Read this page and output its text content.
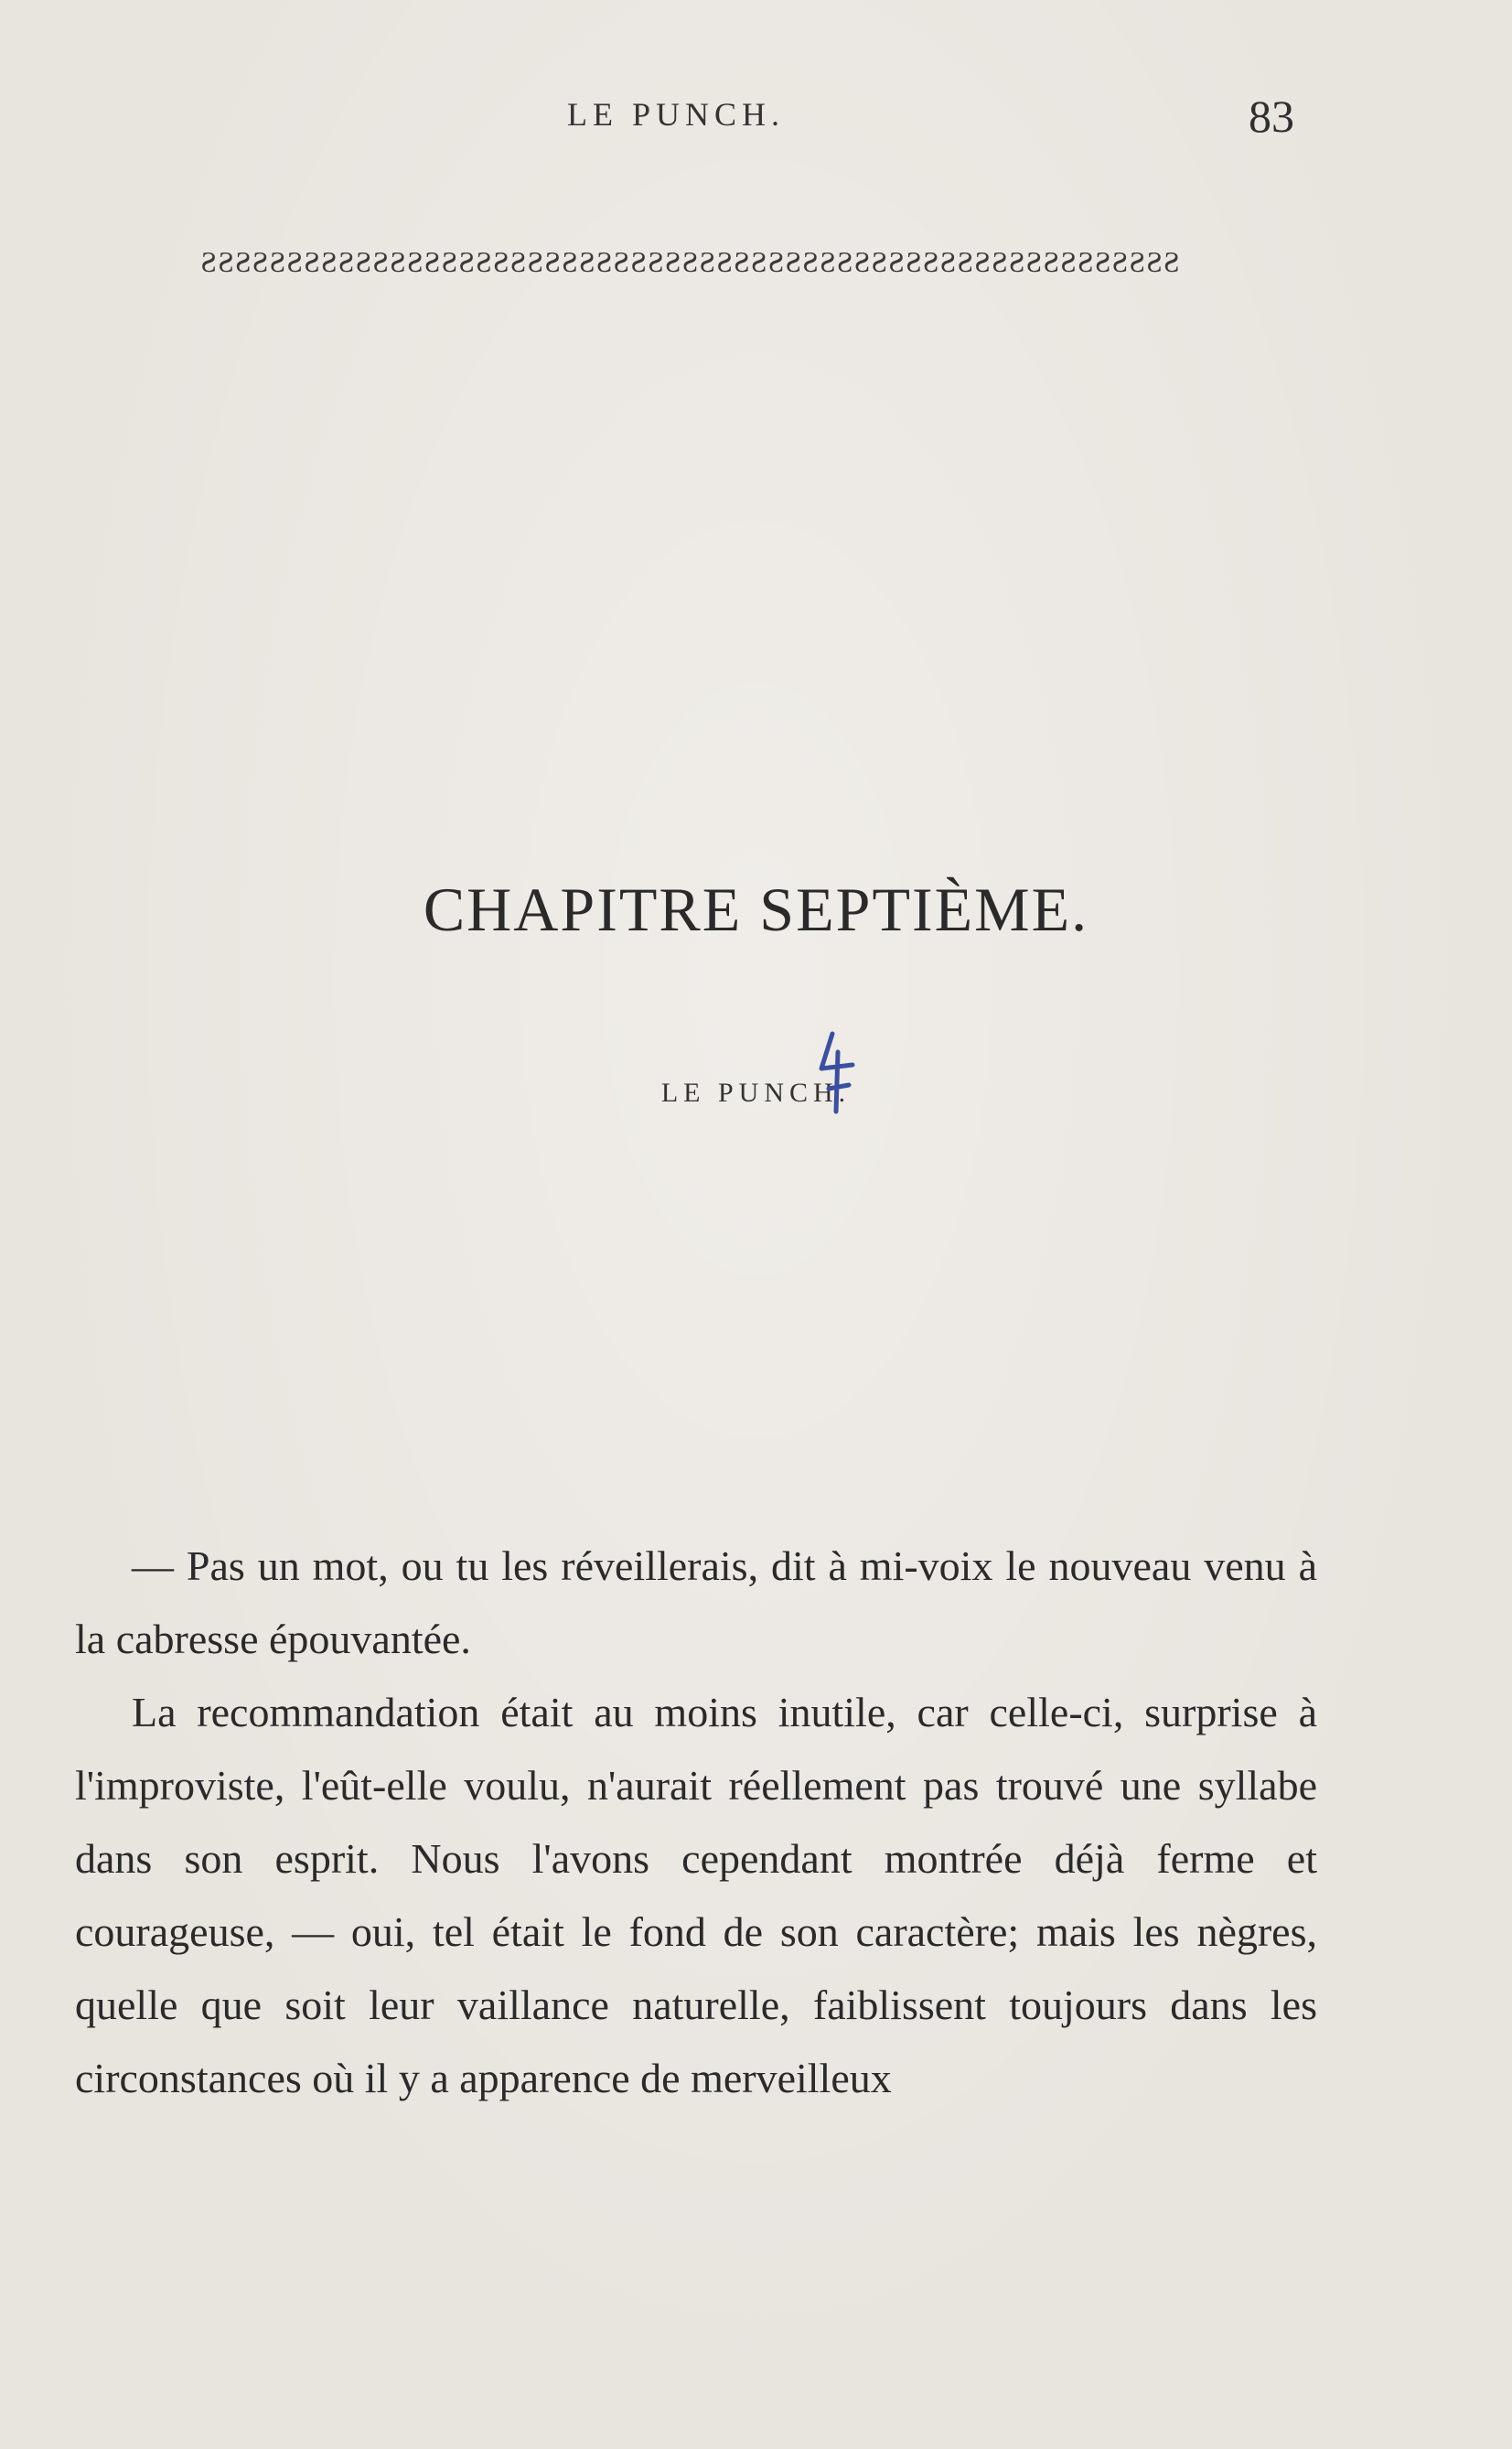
LE PUNCH.	83
ƧƧƧƧƧƧƧƧƧƧƧƧƧƧƧƧƧƧƧƧƧƧƧƧƧƧƧƧƧƧƧƧƧƧƧƧƧƧƧƧƧƧƧƧƧƧƧƧƧƧƧƧƧƧƧƧƧ
CHAPITRE SEPTIÈME.
LE PUNCH.

— Pas un mot, ou tu les réveillerais, dit à mi-voix le nouveau venu à la cabresse épouvantée.

La recommandation était au moins inutile, car celle-ci, surprise à l'improviste, l'eût-elle voulu, n'aurait réellement pas trouvé une syllabe dans son esprit. Nous l'avons cependant montrée déjà ferme et courageuse, — oui, tel était le fond de son caractère; mais les nègres, quelle que soit leur vaillance naturelle, faiblissent toujours dans les circonstances où il y a apparence de merveilleux
